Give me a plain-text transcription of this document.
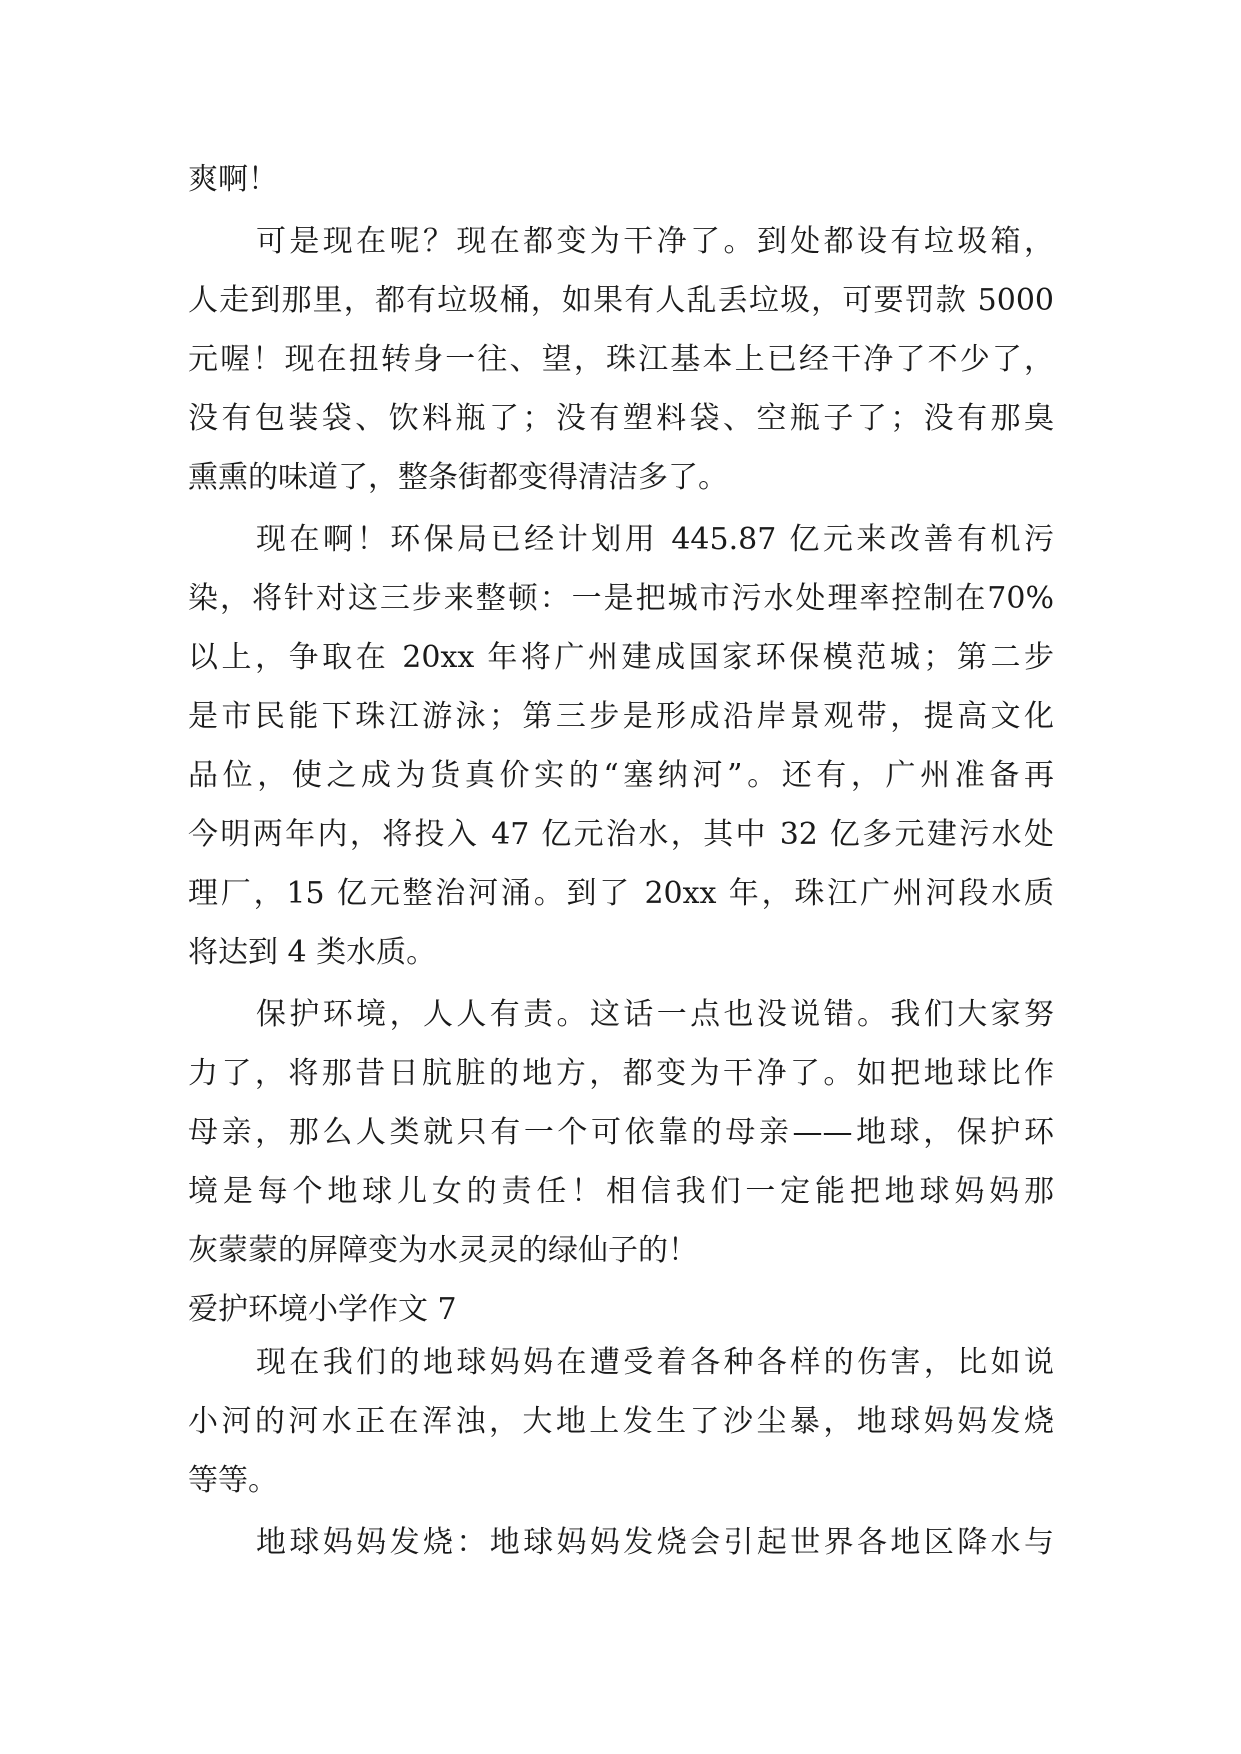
爽啊！
可是现在呢？现在都变为干净了。到处都设有垃圾箱，
人走到那里，都有垃圾桶，如果有人乱丢垃圾，可要罚款 5000
元喔！现在扭转身一往、望，珠江基本上已经干净了不少了，
没有包装袋、饮料瓶了；没有塑料袋、空瓶子了；没有那臭
熏熏的味道了，整条街都变得清洁多了。
现在啊！环保局已经计划用 445.87 亿元来改善有机污
染，将针对这三步来整顿：一是把城市污水处理率控制在70%
以上，争取在 20xx 年将广州建成国家环保模范城；第二步
是市民能下珠江游泳；第三步是形成沿岸景观带，提高文化
品位，使之成为货真价实的“塞纳河”。还有，广州准备再
今明两年内，将投入 47 亿元治水，其中 32 亿多元建污水处
理厂，15 亿元整治河涌。到了 20xx 年，珠江广州河段水质
将达到 4 类水质。
保护环境，人人有责。这话一点也没说错。我们大家努
力了，将那昔日肮脏的地方，都变为干净了。如把地球比作
母亲，那么人类就只有一个可依靠的母亲——地球，保护环
境是每个地球儿女的责任！相信我们一定能把地球妈妈那
灰蒙蒙的屏障变为水灵灵的绿仙子的！
爱护环境小学作文 7
现在我们的地球妈妈在遭受着各种各样的伤害，比如说
小河的河水正在浑浊，大地上发生了沙尘暴，地球妈妈发烧
等等。
地球妈妈发烧：地球妈妈发烧会引起世界各地区降水与
